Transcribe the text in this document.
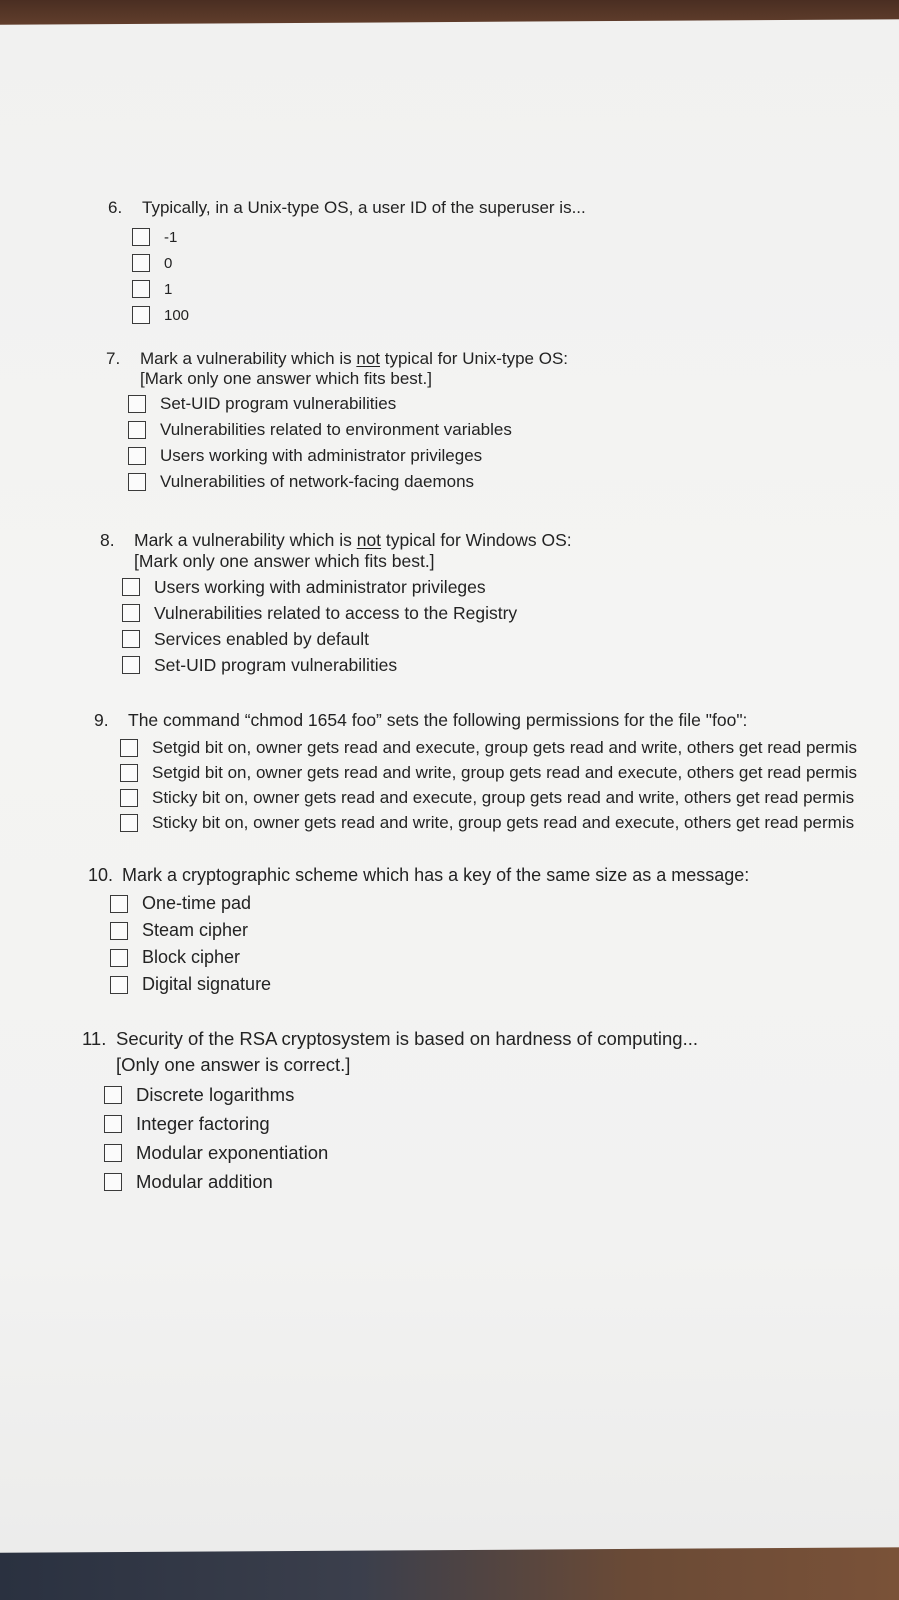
6.	Typically, in a Unix-type OS, a user ID of the superuser is...
-1
0
1
100
7.	Mark a vulnerability which is not typical for Unix-type OS:
[Mark only one answer which fits best.]
Set-UID program vulnerabilities
Vulnerabilities related to environment variables
Users working with administrator privileges
Vulnerabilities of network-facing daemons
8.	Mark a vulnerability which is not typical for Windows OS:
[Mark only one answer which fits best.]
Users working with administrator privileges
Vulnerabilities related to access to the Registry
Services enabled by default
Set-UID program vulnerabilities
9.	The command “chmod 1654 foo” sets the following permissions for the file "foo":
Setgid bit on, owner gets read and execute, group gets read and write, others get read permis
Setgid bit on, owner gets read and write, group gets read and execute, others get read permis
Sticky bit on, owner gets read and execute, group gets read and write, others get read permis
Sticky bit on, owner gets read and write, group gets read and execute, others get read permis
10. Mark a cryptographic scheme which has a key of the same size as a message:
One-time pad
Steam cipher
Block cipher
Digital signature
11. Security of the RSA cryptosystem is based on hardness of computing...
[Only one answer is correct.]
Discrete logarithms
Integer factoring
Modular exponentiation
Modular addition
